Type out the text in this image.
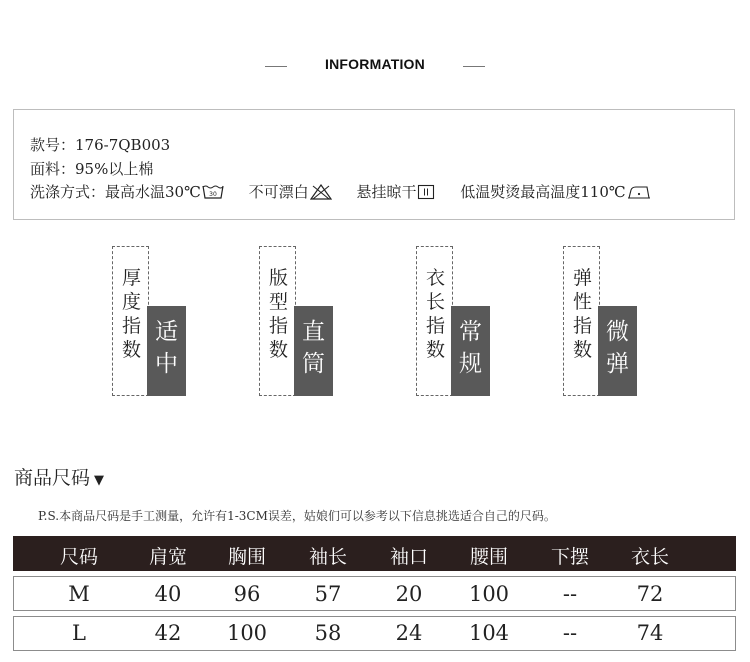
INFORMATION
款号：176-7QB003
面料：95%以上棉
洗涤方式：最高水温30℃ 30 不可漂白	悬挂晾干	低温熨烫最高温度110℃
厚
度
指
数
适
中
版
型
指
数
直
筒
衣
长
指
数
常
规
弹
性
指
数
微
弹
商品尺码 ▼
P.S.本商品尺码是手工测量，允许有1-3CM误差，姑娘们可以参考以下信息挑选适合自己的尺码。
尺码	肩宽	胸围	袖长	袖口	腰围	下摆	衣长
M	40	96	57	20	100	--	72
L	42	100	58	24	104	--	74
